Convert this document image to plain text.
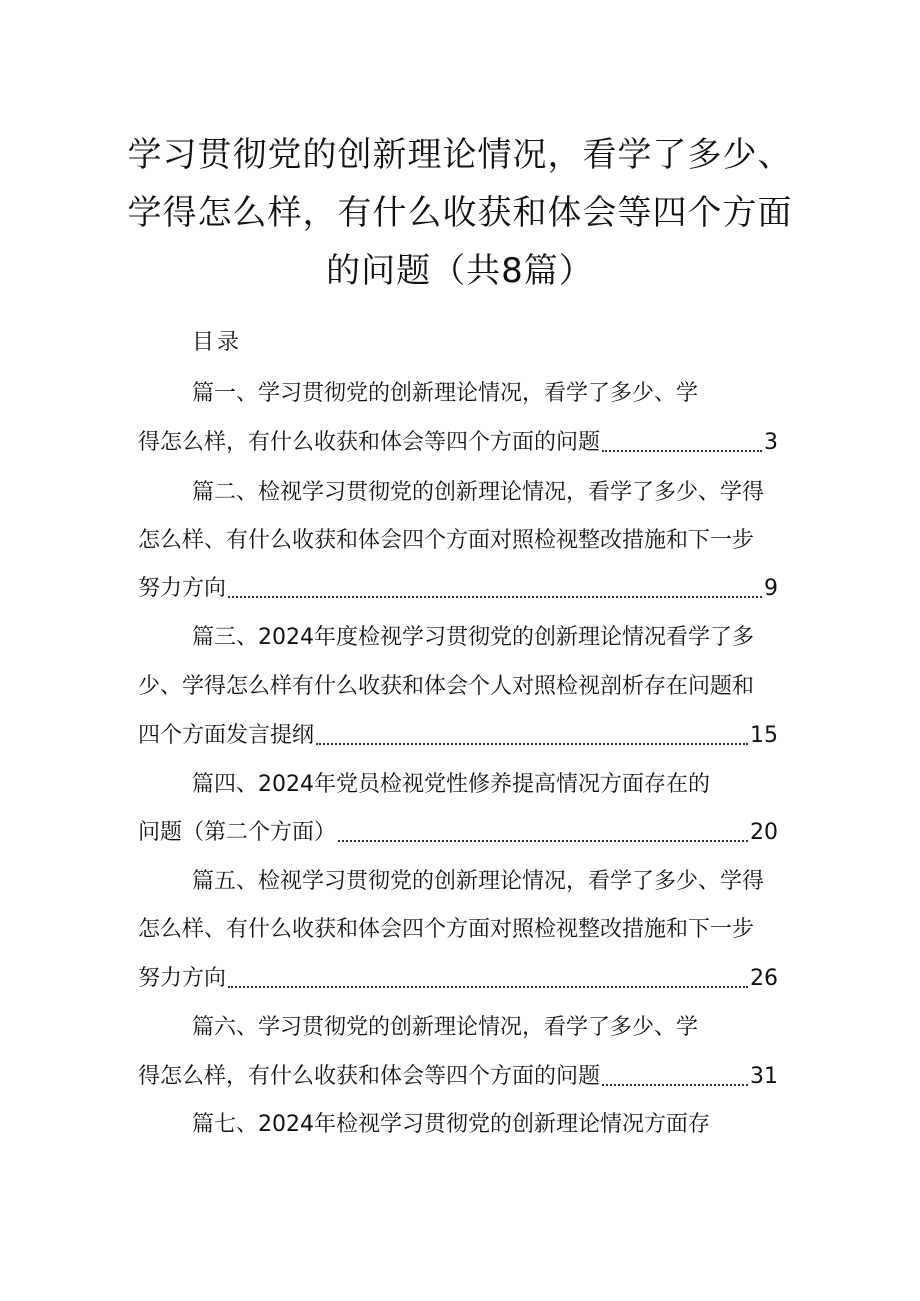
学习贯彻党的创新理论情况，看学了多少、
学得怎么样，有什么收获和体会等四个方面
的问题（共8篇）
目录
篇一、学习贯彻党的创新理论情况，看学了多少、学
得怎么样，有什么收获和体会等四个方面的问题	3
篇二、检视学习贯彻党的创新理论情况，看学了多少、学得
怎么样、有什么收获和体会四个方面对照检视整改措施和下一步
努力方向	9
篇三、2024年度检视学习贯彻党的创新理论情况看学了多
少、学得怎么样有什么收获和体会个人对照检视剖析存在问题和
四个方面发言提纲	15
篇四、2024年党员检视党性修养提高情况方面存在的
问题（第二个方面）	20
篇五、检视学习贯彻党的创新理论情况，看学了多少、学得
怎么样、有什么收获和体会四个方面对照检视整改措施和下一步
努力方向	26
篇六、学习贯彻党的创新理论情况，看学了多少、学
得怎么样，有什么收获和体会等四个方面的问题	31
篇七、2024年检视学习贯彻党的创新理论情况方面存
